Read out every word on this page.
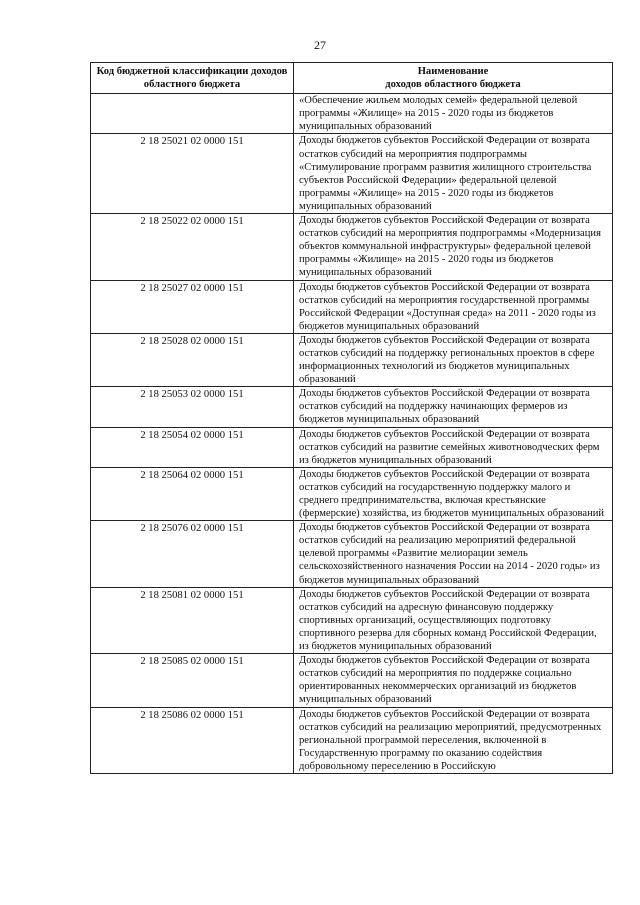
27
Код бюджетной классификации доходов областного бюджета	Наименование
доходов областного бюджета

	«Обеспечение жильем молодых семей» федеральной целевой программы «Жилище» на 2015 - 2020 годы из бюджетов муниципальных образований
2 18 25021 02 0000 151	Доходы бюджетов субъектов Российской Федерации от возврата остатков субсидий на мероприятия подпрограммы «Стимулирование программ развития жилищного строительства субъектов Российской Федерации» федеральной целевой программы «Жилище» на 2015 - 2020 годы из бюджетов муниципальных образований
2 18 25022 02 0000 151	Доходы бюджетов субъектов Российской Федерации от возврата остатков субсидий на мероприятия подпрограммы «Модернизация объектов коммунальной инфраструктуры» федеральной целевой программы «Жилище» на 2015 - 2020 годы из бюджетов муниципальных образований
2 18 25027 02 0000 151	Доходы бюджетов субъектов Российской Федерации от возврата остатков субсидий на мероприятия государственной программы Российской Федерации «Доступная среда» на 2011 - 2020 годы из бюджетов муниципальных образований
2 18 25028 02 0000 151	Доходы бюджетов субъектов Российской Федерации от возврата остатков субсидий на поддержку региональных проектов в сфере информационных технологий из бюджетов муниципальных образований
2 18 25053 02 0000 151	Доходы бюджетов субъектов Российской Федерации от возврата остатков субсидий на поддержку начинающих фермеров из бюджетов муниципальных образований
2 18 25054 02 0000 151	Доходы бюджетов субъектов Российской Федерации от возврата остатков субсидий на развитие семейных животноводческих ферм из бюджетов муниципальных образований
2 18 25064 02 0000 151	Доходы бюджетов субъектов Российской Федерации от возврата остатков субсидий на государственную поддержку малого и среднего предпринимательства, включая крестьянские (фермерские) хозяйства, из бюджетов муниципальных образований
2 18 25076 02 0000 151	Доходы бюджетов субъектов Российской Федерации от возврата остатков субсидий на реализацию мероприятий федеральной целевой программы «Развитие мелиорации земель сельскохозяйственного назначения России на 2014 - 2020 годы» из бюджетов муниципальных образований
2 18 25081 02 0000 151	Доходы бюджетов субъектов Российской Федерации от возврата остатков субсидий на адресную финансовую поддержку спортивных организаций, осуществляющих подготовку спортивного резерва для сборных команд Российской Федерации, из бюджетов муниципальных образований
2 18 25085 02 0000 151	Доходы бюджетов субъектов Российской Федерации от возврата остатков субсидий на мероприятия по поддержке социально ориентированных некоммерческих организаций из бюджетов муниципальных образований
2 18 25086 02 0000 151	Доходы бюджетов субъектов Российской Федерации от возврата остатков субсидий на реализацию мероприятий, предусмотренных региональной программой переселения, включенной в Государственную программу по оказанию содействия добровольному переселению в Российскую
